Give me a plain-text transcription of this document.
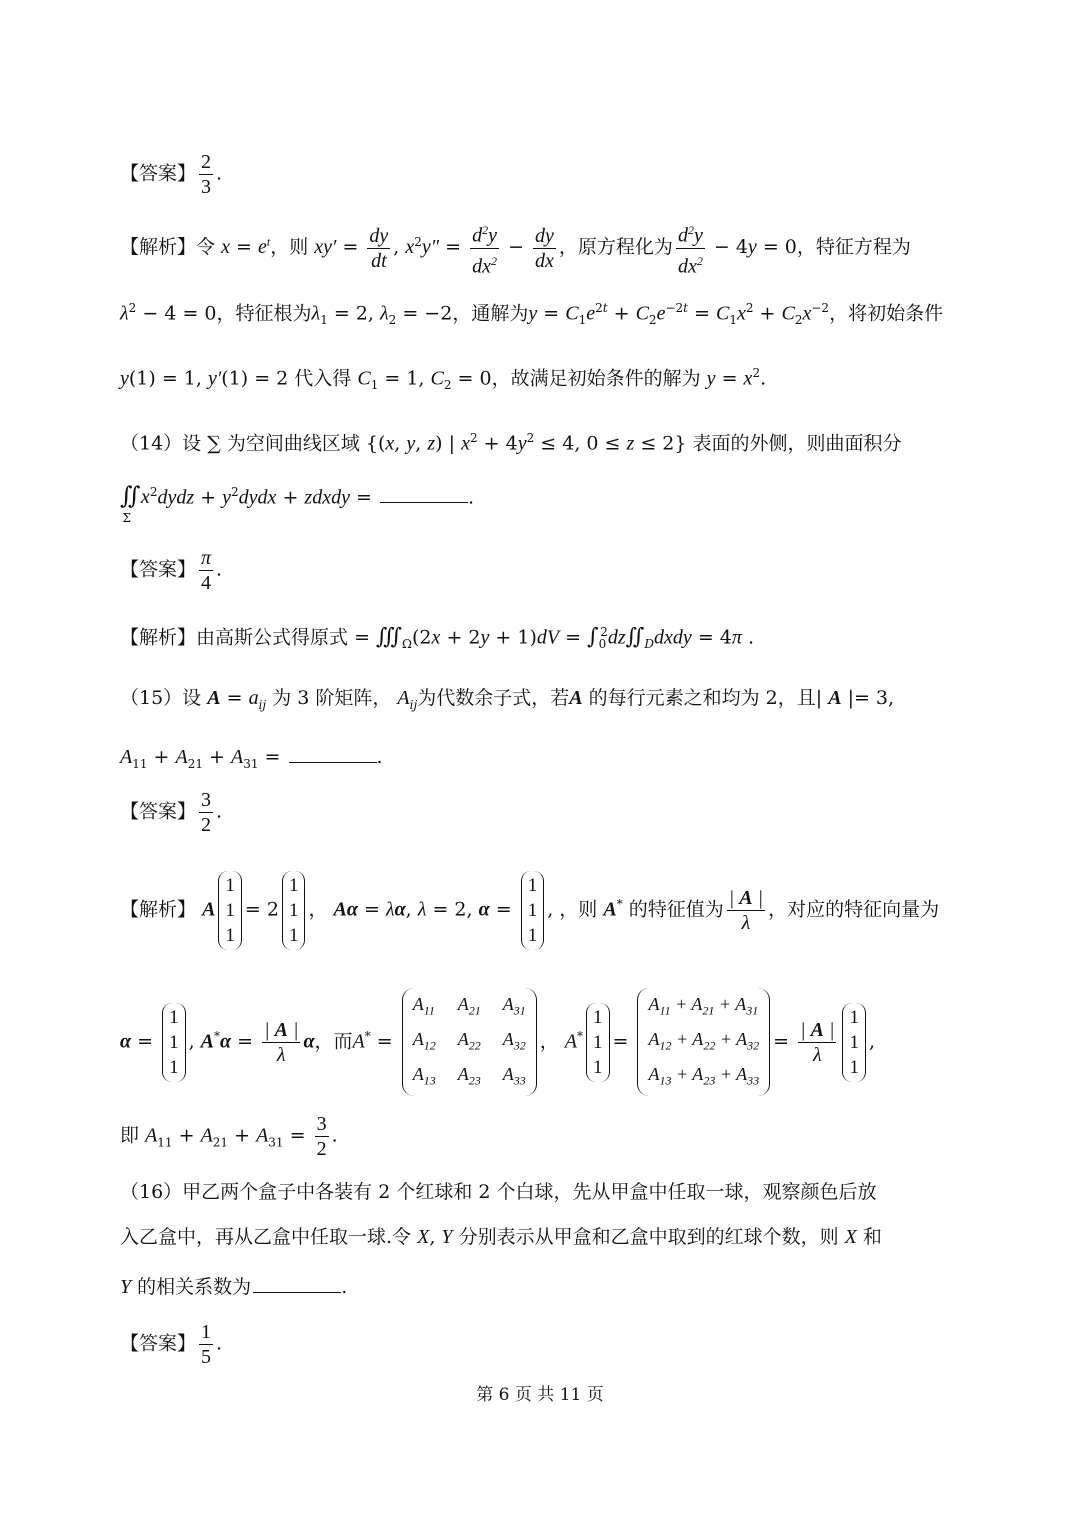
【答案】 $\frac{2}{3}$ .
【解析】令 $x = e^t$，则 $xy' = \frac{dy}{dt}$ , $x^2y'' = \frac{d^2y}{dx^2} - \frac{dy}{dx}$ ，原方程化为 $\frac{d^2y}{dx^2} - 4y = 0$，特征方程为
$\lambda^2 - 4 = 0$，特征根为$\lambda_1 = 2$, $\lambda_2 = -2$，通解为$y = C_1e^{2t} + C_2e^{-2t} = C_1x^2 + C_2x^{-2}$，将初始条件
y(1) = 1, y′(1) = 2 代入得 $C_1 = 1$, $C_2 = 0$，故满足初始条件的解为 $y = x^2$.
（14）设 ∑ 为空间曲线区域 {(x, y, z) | $x^2 + 4y^2 \le 4$, 0 ≤ z ≤ 2} 表面的外侧，则曲面积分
$∬_\Sigma x^2dydz$ + $y^2dydx$ + zdxdy =	.
【答案】 $\frac{\pi}{4}$ .
【解析】由高斯公式得原式 = $∭_\Omega(2x + 2y + 1)dV$ = $\int_0^2dz∬_Ddxdy = 4\pi$ .
（15）设 $A = a_{ij}$ 为 3 阶矩阵， $A_{ij}$为代数余子式，若A 的每行元素之和均为 2，且| A |= 3,
$A_{11} + A_{21} + A_{31}$ =	.
【答案】 $\frac{3}{2}$ .
【解析】 A1
1
1= 21
1
1， Aα = λα, λ = 2, α = 1
1
1, ，则 A* 的特征值为 $\frac{| A |}{\lambda}$ ，对应的特征向量为
α = 1
1
1, $A^*\alpha = \frac{| A |}{\lambda}$ α，而A* =
$A_{11}$ $A_{21}$ $A_{31}$
$A_{12}$ $A_{22}$ $A_{32}$
$A_{13}$ $A_{23}$ $A_{33}$
， A*1
1
1=
$A_{11} + A_{21} + A_{31}$
$A_{12} + A_{22} + A_{32}$
$A_{13} + A_{23} + A_{33}$
= $\frac{| A |}{\lambda}$
1
1
1,
即 $A_{11} + A_{21} + A_{31} = \frac{3}{2}$ .
（16）甲乙两个盒子中各装有 2 个红球和 2 个白球，先从甲盒中任取一球，观察颜色后放
入乙盒中，再从乙盒中任取一球.令 X, Y 分别表示从甲盒和乙盒中取到的红球个数，则 X 和
Y 的相关系数为	.
【答案】 $\frac{1}{5}$ .
第 6 页 共 11 页
